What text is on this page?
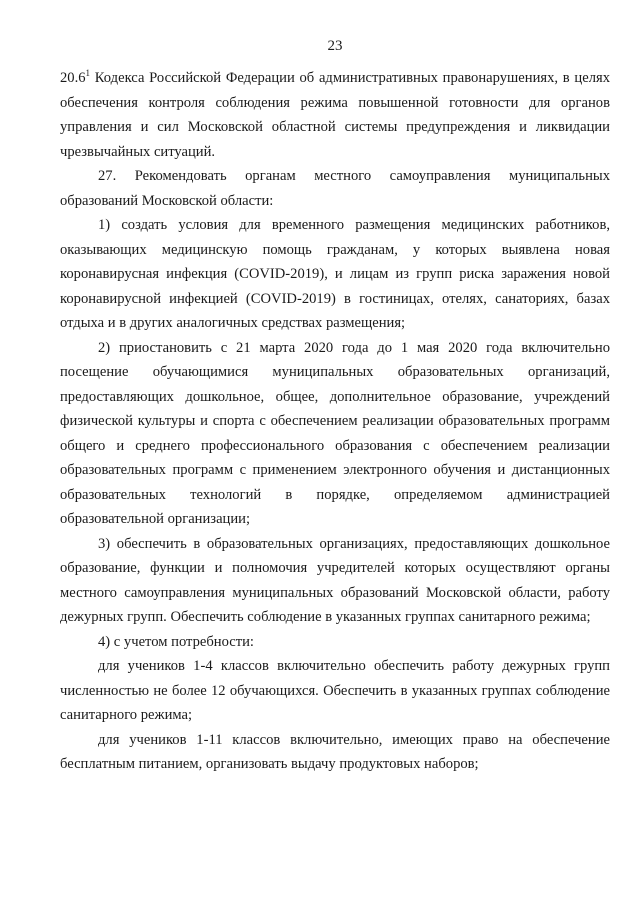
23

20.6$^1$ Кодекса Российской Федерации об административных правонарушениях, в целях обеспечения контроля соблюдения режима повышенной готовности для органов управления и сил Московской областной системы предупреждения и ликвидации чрезвычайных ситуаций.

27. Рекомендовать органам местного самоуправления муниципальных образований Московской области:

1) создать условия для временного размещения медицинских работников, оказывающих медицинскую помощь гражданам, у которых выявлена новая коронавирусная инфекция (COVID-2019), и лицам из групп риска заражения новой коронавирусной инфекцией (COVID-2019) в гостиницах, отелях, санаториях, базах отдыха и в других аналогичных средствах размещения;

2) приостановить с 21 марта 2020 года до 1 мая 2020 года включительно посещение обучающимися муниципальных образовательных организаций, предоставляющих дошкольное, общее, дополнительное образование, учреждений физической культуры и спорта с обеспечением реализации образовательных программ общего и среднего профессионального образования с обеспечением реализации образовательных программ с применением электронного обучения и дистанционных образовательных технологий в порядке, определяемом администрацией образовательной организации;

3) обеспечить в образовательных организациях, предоставляющих дошкольное образование, функции и полномочия учредителей которых осуществляют органы местного самоуправления муниципальных образований Московской области, работу дежурных групп. Обеспечить соблюдение в указанных группах санитарного режима;

4) с учетом потребности:

для учеников 1-4 классов включительно обеспечить работу дежурных групп численностью не более 12 обучающихся. Обеспечить в указанных группах соблюдение санитарного режима;

для учеников 1-11 классов включительно, имеющих право на обеспечение бесплатным питанием, организовать выдачу продуктовых наборов;
